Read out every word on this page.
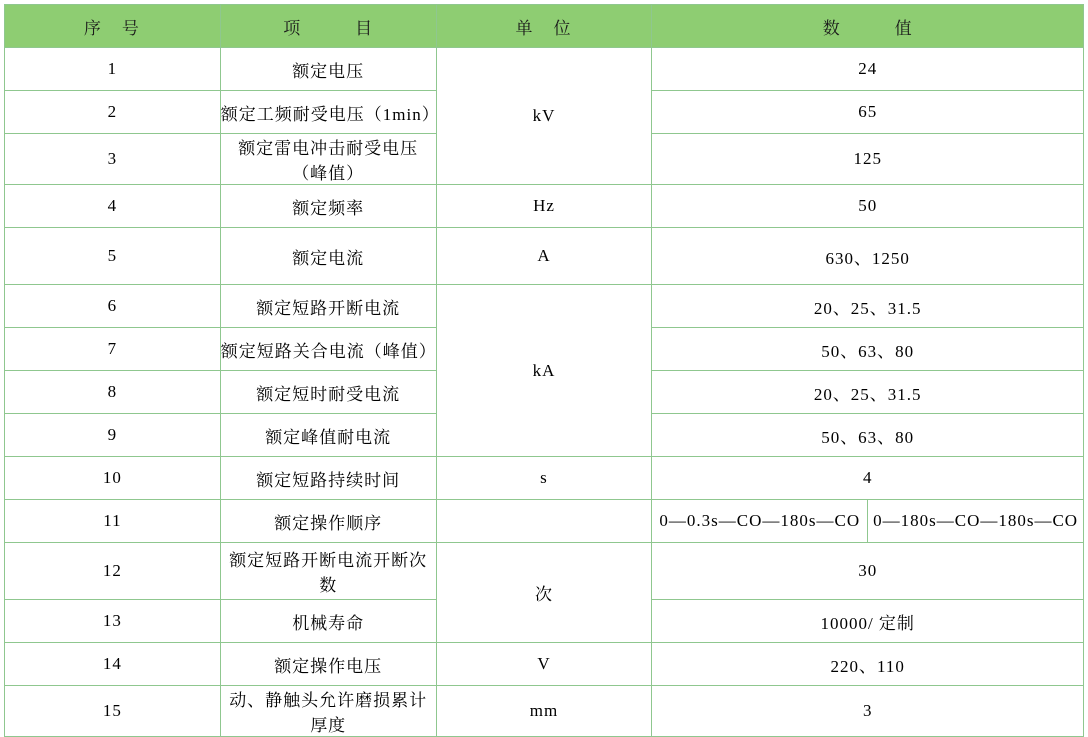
序　号	项　　　目	单　位	数　　　值	
1	额定电压	kV	24	
2	额定工频耐受电压（1min）		65	
3	额定雷电冲击耐受电压（峰值）		125	
4	额定频率	Hz	50	
5	额定电流	A	630、1250	
6	额定短路开断电流	kA	20、25、31.5	
7	额定短路关合电流（峰值）		50、63、80	
8	额定短时耐受电流		20、25、31.5	
9	额定峰值耐电流		50、63、80	
10	额定短路持续时间	s	4	
11	额定操作顺序		0—0.3s—CO—180s—CO	0—180s—CO—180s—CO
12	额定短路开断电流开断次数	次	30	
13	机械寿命		10000/ 定制	
14	额定操作电压	V	220、110	
15	动、静触头允许磨损累计厚度	mm	3	
